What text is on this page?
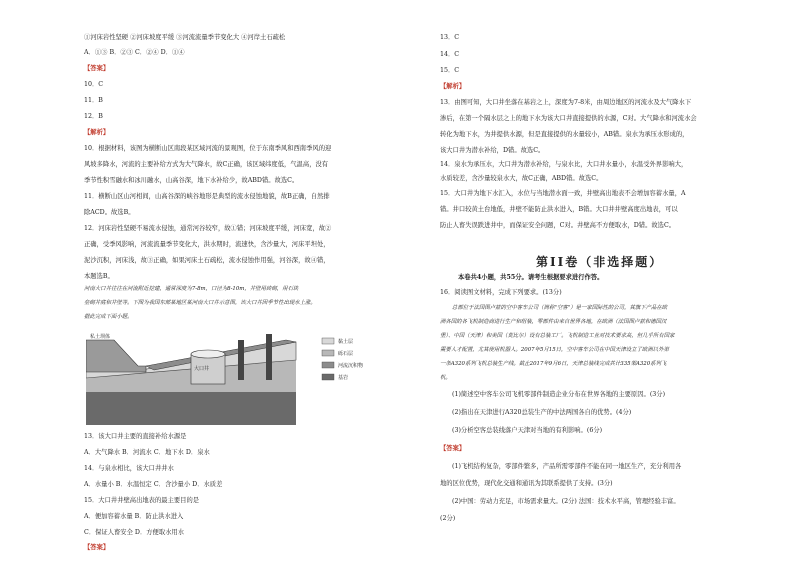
①河床岩性坚硬 ②河床坡度平缓 ③河流流量季节变化大 ④河岸土石疏松
A．①③ B．②③ C．②④ D．①④
【答案】
10．C
11．B
12．B
【解析】
10．根据材料，该图为横断山区南段某区域河流的景观图，位于东南季风和西南季风的迎
风坡多降水，河流的主要补给方式为大气降水，故C正确，该区域纬度低，气温高，没有
季节性积雪融水和冰川融水，山高谷深，地下水补给少，故ABD错。故选C。
11．横断山区山河相间，山高谷深的峡谷地形是典型的流水侵蚀地貌，故B正确，自然排
除ACD。故选B。
12．河床岩性坚硬不易流水侵蚀，通常河谷较窄，故①错；河床坡度平缓，河床宽，故②
正确，受季风影响，河流流量季节变化大，洪水期时，流速快，含沙量大，河床平坦处，
泥沙沉积，河床浅，故③正确，如果河床土石疏松，流水侵蚀作用强，河谷深，故④错，
本题选B。
河南大口井往往在河流附近挖建，通常深度为7-8m，口径为8-10m，井壁用砖砌，用石块
垒砌井底和井壁等。下图为我国东部某地区某河南大口井示意图，该大口井因季节性出现水上涨。
据此完成下面小题。
私土坝体
大口井
黏土层
砾石层
河流沉积物
基岩
13．该大口井主要的直接补给水源是
A．大气降水 B．河流水 C．地下水 D．泉水
14．与泉水相比，该大口井井水
A．水量小 B．水温恒定 C．含沙量小 D．水质差
15．大口井井壁高出地表的最主要目的是
A．便加容蓄水量 B．防止洪水进入
C．保证人畜安全 D．方便取水用水
【答案】
13．C
14．C
15．C
【解析】
13．由图可知，大口井坐落在基岩之上，深度为7-8米，由周边地区的河流水及大气降水下
渗后，在第一个隔水层之上的地下水为该大口井直接提供的水源，C对。大气降水和河流水会
转化为地下水，为井提供水源，但是直接提供的水量较小，AB错。泉水为承压水形成的，
该大口井为潜水补给，D错。故选C。
14．泉水为承压水，大口井为潜水补给，与泉水比，大口井水量小，水温受外界影响大，
水质较差，含沙量较泉水大，故C正确，ABD错。故选C。
15．大口井为地下水汇入，水位与当地潜水面一致，井壁高出地表不会增加容蓄水量，A
错。井口较黄土台地低，井壁不能防止洪水进入，B错。大口井井壁高度出地表，可以
防止人畜失误跌进井中，而保证安全问题，C对。井壁高不方便取水，D错。故选C。
第II卷（非选择题）
本卷共4小题，共55分。请考生根据要求进行作答。
16．阅读图文材料，完成下列要求。(13分)
总部位于法国图卢兹的空中客车公司（简称"空客"）是一家国际性的公司，其旗下产品在欧
洲各国的各飞机制造商进行生产和组装，零部件由来自世界各地，在欧洲（法国图卢兹和德国汉
堡）、中国（天津）和美国（莫比尔）设有总装工厂。飞机制造工业对技术要求高，但几乎所有国家
需要人才配置，尤其使用机器人。2007年5月15日，空中客车公司在中国天津设立了欧洲以外第
一条A320系列飞机总装生产线。截止2017年9月6日，天津总装线完成共计335架A320系列飞
机。
(1)简述空中客车公司飞机零部件制造企业分布在世界各地的主要原因。(3分)
(2)指出在天津进行A320总装生产的中法两国各自的优势。(4分)
(3)分析空客总装线落户天津对当地的有利影响。(6分)
【答案】
(1)飞机结构复杂，零部件繁多，产品所需零部件不能在同一地区生产，充分利用各
地的区位优势，现代化交通和通讯为其联系提供了支持。(3分)
(2)中国：劳动力充足，市场需求量大。(2分) 法国：技术水平高，管理经验丰富。
(2分)
